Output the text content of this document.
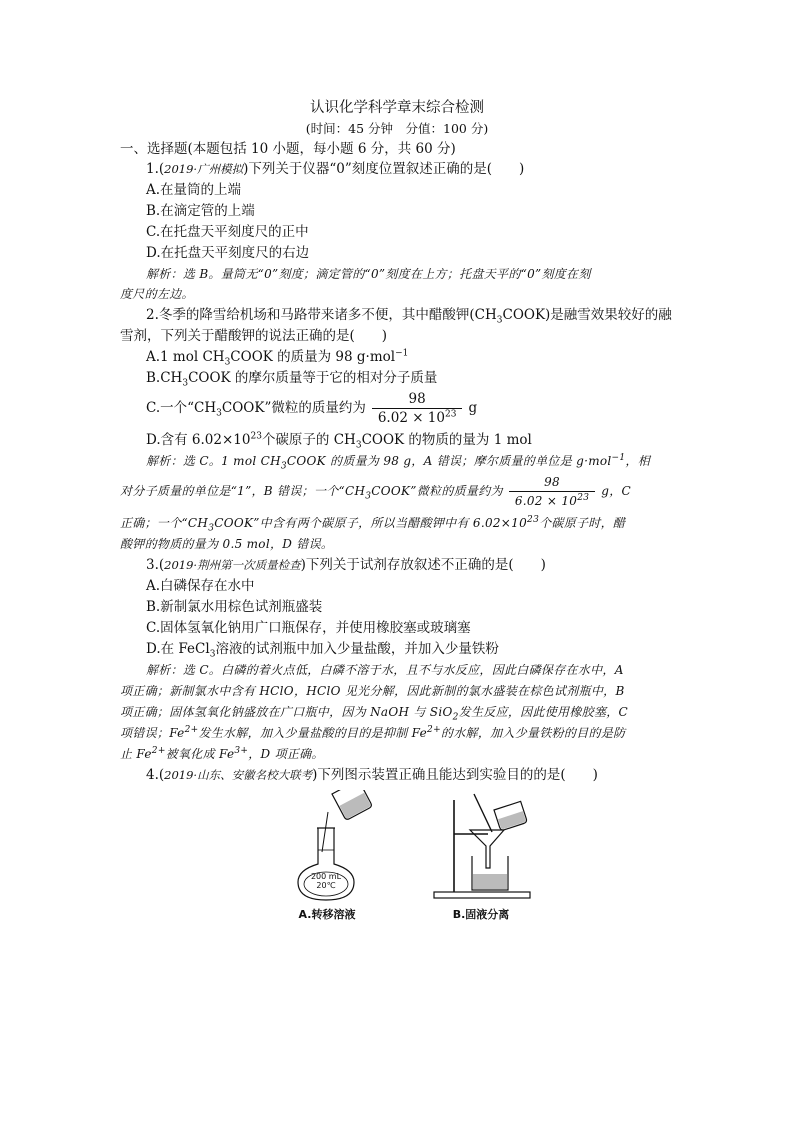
认识化学科学章末综合检测
(时间：45 分钟　分值：100 分)
一、选择题(本题包括 10 小题，每小题 6 分，共 60 分)
1.(2019·广州模拟)下列关于仪器“0”刻度位置叙述正确的是(　　)
A.在量筒的上端
B.在滴定管的上端
C.在托盘天平刻度尺的正中
D.在托盘天平刻度尺的右边
解析：选 B。量筒无“0”刻度；滴定管的“0”刻度在上方；托盘天平的“0”刻度在刻
度尺的左边。
2.冬季的降雪给机场和马路带来诸多不便，其中醋酸钾$(CH_3COOK)$是融雪效果较好的融
雪剂，下列关于醋酸钾的说法正确的是(　　)
A.1 mol $CH_3COOK$ 的质量为 98 g·mol$^{-1}$
$B.CH_3COOK$ 的摩尔质量等于它的相对分子质量
C.一个“$CH_3COOK$”微粒的质量约为 $\frac{98}{6.02 \times 10^{23}}$ g
D.含有 $6.02\times 10^{23}$个碳原子的 $CH_3COOK$ 的物质的量为 1 mol
解析：选 C。1 mol $CH_3COOK$ 的质量为 98 g，A 错误；摩尔质量的单位是 g·mol$^{-1}$，相
对分子质量的单位是“1”，B 错误；一个“$CH_3COOK$”微粒的质量约为 $\frac{98}{6.02 \times 10^{23}}$ g，C
正确；一个“$CH_3COOK$”中含有两个碳原子，所以当醋酸钾中有 $6.02\times 10^{23}$个碳原子时，醋
酸钾的物质的量为 0.5 mol，D 错误。
3.(2019·荆州第一次质量检查)下列关于试剂存放叙述不正确的是(　　)
A.白磷保存在水中
B.新制氯水用棕色试剂瓶盛装
C.固体氢氧化钠用广口瓶保存，并使用橡胶塞或玻璃塞
D.在 FeCl$_3$溶液的试剂瓶中加入少量盐酸，并加入少量铁粉
解析：选 C。白磷的着火点低，白磷不溶于水，且不与水反应，因此白磷保存在水中，A
项正确；新制氯水中含有 HClO，HClO 见光分解，因此新制的氯水盛装在棕色试剂瓶中，B
项正确；固体氢氧化钠盛放在广口瓶中，因为 NaOH 与 SiO$_2$发生反应，因此使用橡胶塞，C
项错误；$Fe^{2+}$发生水解，加入少量盐酸的目的是抑制 $Fe^{2+}$的水解，加入少量铁粉的目的是防
止 $Fe^{2+}$被氧化成 $Fe^{3+}$，D 项正确。
4.(2019·山东、安徽名校大联考)下列图示装置正确且能达到实验目的的是(　　)
200 mL
20℃
A.转移溶液	B.固液分离
